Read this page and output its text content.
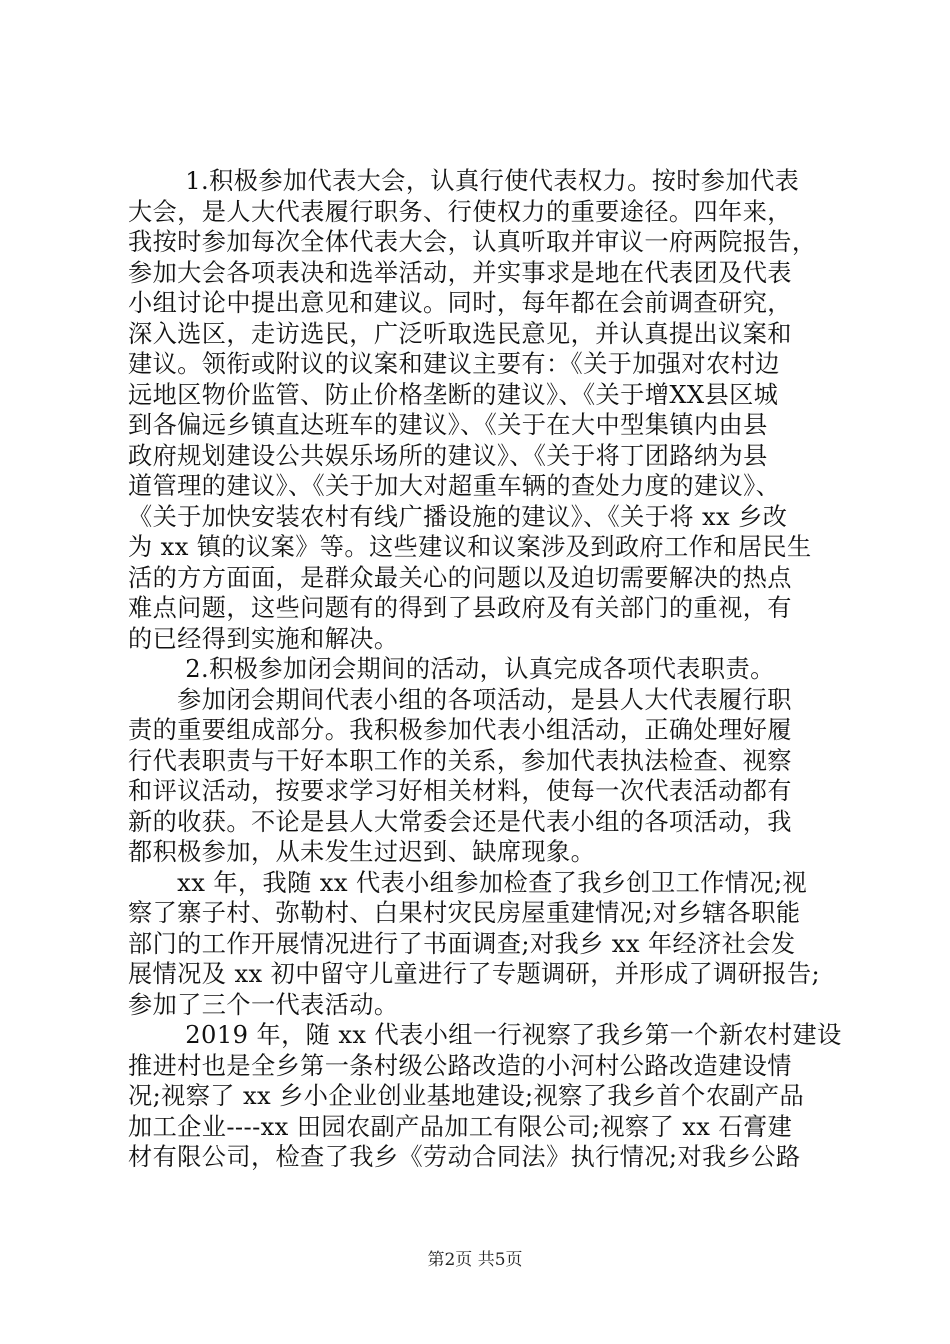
　　 1.积极参加代表大会，认真行使代表权力。按时参加代表
大会，是人大代表履行职务、行使权力的重要途径。四年来，
我按时参加每次全体代表大会，认真听取并审议一府两院报告，
参加大会各项表决和选举活动，并实事求是地在代表团及代表
小组讨论中提出意见和建议。同时，每年都在会前调查研究，
深入选区，走访选民，广泛听取选民意见，并认真提出议案和
建议。领衔或附议的议案和建议主要有：《关于加强对农村边
远地区物价监管、防止价格垄断的建议》、《关于增XX县区城
到各偏远乡镇直达班车的建议》、《关于在大中型集镇内由县
政府规划建设公共娱乐场所的建议》、《关于将丁团路纳为县
道管理的建议》、《关于加大对超重车辆的查处力度的建议》、
《关于加快安装农村有线广播设施的建议》、《关于将 xx 乡改
为 xx 镇的议案》等。这些建议和议案涉及到政府工作和居民生
活的方方面面，是群众最关心的问题以及迫切需要解决的热点
难点问题，这些问题有的得到了县政府及有关部门的重视，有
的已经得到实施和解决。
　　 2.积极参加闭会期间的活动，认真完成各项代表职责。
　　参加闭会期间代表小组的各项活动，是县人大代表履行职
责的重要组成部分。我积极参加代表小组活动，正确处理好履
行代表职责与干好本职工作的关系，参加代表执法检查、视察
和评议活动，按要求学习好相关材料，使每一次代表活动都有
新的收获。不论是县人大常委会还是代表小组的各项活动，我
都积极参加，从未发生过迟到、缺席现象。
　　xx 年，我随 xx 代表小组参加检查了我乡创卫工作情况;视
察了寨子村、弥勒村、白果村灾民房屋重建情况;对乡辖各职能
部门的工作开展情况进行了书面调查;对我乡 xx 年经济社会发
展情况及 xx 初中留守儿童进行了专题调研，并形成了调研报告;
参加了三个一代表活动。
　　 2019 年，随 xx 代表小组一行视察了我乡第一个新农村建设
推进村也是全乡第一条村级公路改造的小河村公路改造建设情
况;视察了 xx 乡小企业创业基地建设;视察了我乡首个农副产品
加工企业----xx 田园农副产品加工有限公司;视察了 xx 石膏建
材有限公司，检查了我乡《劳动合同法》执行情况;对我乡公路
第2页 共5页
